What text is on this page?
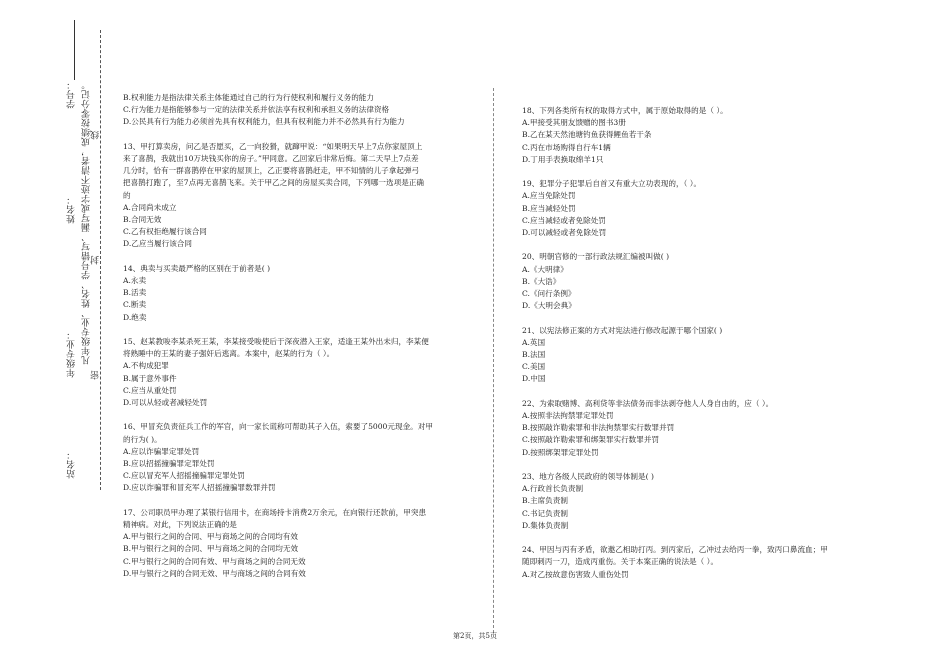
学号：
姓名：
年级专业：
站名：
凡年级专业、姓名、学号错写、漏写或字迹不清者，成绩按零分记。 线
封
密

B.权利能力是指法律关系主体能通过自己的行为行使权利和履行义务的能力

C.行为能力是指能够参与一定的法律关系并依法享有权利和承担义务的法律资格

D.公民具有行为能力必须首先具有权利能力，但具有权利能力并不必然具有行为能力

13、甲打算卖房，问乙是否愿买，乙一向狡猾，就蹿甲说：“如果明天早上7点你家屋顶上

来了喜鹊，我就出10万块钱买你的房子。”甲同意。乙回家后非常后悔。第二天早上7点差

几分时，恰有一群喜鹊停在甲家的屋顶上，乙正要将喜鹊赶走，甲不知情的儿子拿起弹弓

把喜鹊打跑了，至7点再无喜鹊飞来。关于甲乙之间的房屋买卖合同，下列哪一选项是正确

的

A.合同尚未成立

B.合同无效

C.乙有权拒绝履行该合同

D.乙应当履行该合同

14、典卖与买卖最严格的区别在于前者是( )

A.永卖

B.活卖

C.断卖

D.绝卖

15、赵某教唆李某杀死王某，李某接受唆使后于深夜潜入王家，适逢王某外出未归，李某便

将熟睡中的王某的妻子强奸后逃离。本案中，赵某的行为（ ）。

A.不构成犯罪

B.属于意外事件

C.应当从重处罚

D.可以从轻或者减轻处罚

16、甲冒充负责征兵工作的军官，向一家长谎称可帮助其子入伍，索要了5000元现金。对甲

的行为( )。

A.应以诈骗罪定罪处罚

B.应以招摇撞骗罪定罪处罚

C.应以冒充军人招摇撞骗罪定罪处罚

D.应以诈骗罪和冒充军人招摇撞骗罪数罪并罚

17、公司职员甲办理了某银行信用卡，在商场持卡消费2万余元，在向银行还款前，甲突患

精神病。对此，下列说法正确的是

A.甲与银行之间的合同、甲与商场之间的合同均有效

B.甲与银行之间的合同、甲与商场之间的合同均无效

C.甲与银行之间的合同有效、甲与商场之间的合同无效

D.甲与银行之间的合同无效、甲与商场之间的合同有效

18、下列各类所有权的取得方式中，属于原始取得的是（ ）。

A.甲接受其朋友馈赠的图书3册

B.乙在某天然池塘钓鱼获得鲤鱼若干条

C.丙在市场购得自行车1辆

D.丁用手表换取绵羊1只

19、犯罪分子犯罪后自首又有重大立功表现的，（ ）。

A.应当免除处罚

B.应当减轻处罚

C.应当减轻或者免除处罚

D.可以减轻或者免除处罚

20、明朝官修的一部行政法规汇编被叫做( )

A.《大明律》

B.《大诰》

C.《问行条例》

D.《大明会典》

21、以宪法修正案的方式对宪法进行修改起源于哪个国家( )

A.英国

B.法国

C.美国

D.中国

22、为索取赌博、高利贷等非法债务而非法剥夺他人人身自由的，应（ ）。

A.按照非法拘禁罪定罪处罚

B.按照敲诈勒索罪和非法拘禁罪实行数罪并罚

C.按照敲诈勒索罪和绑架罪实行数罪并罚

D.按照绑架罪定罪处罚

23、地方各级人民政府的领导体制是( )

A.行政首长负责制

B.主席负责制

C.书记负责制

D.集体负责制

24、甲因与丙有矛盾，欲邀乙相助打丙。到丙家后，乙冲过去给丙一拳，致丙口鼻流血；甲

随即刺丙一刀，造成丙重伤。关于本案正确的说法是（ ）。

A.对乙按故意伤害致人重伤处罚

第2页，共5页
